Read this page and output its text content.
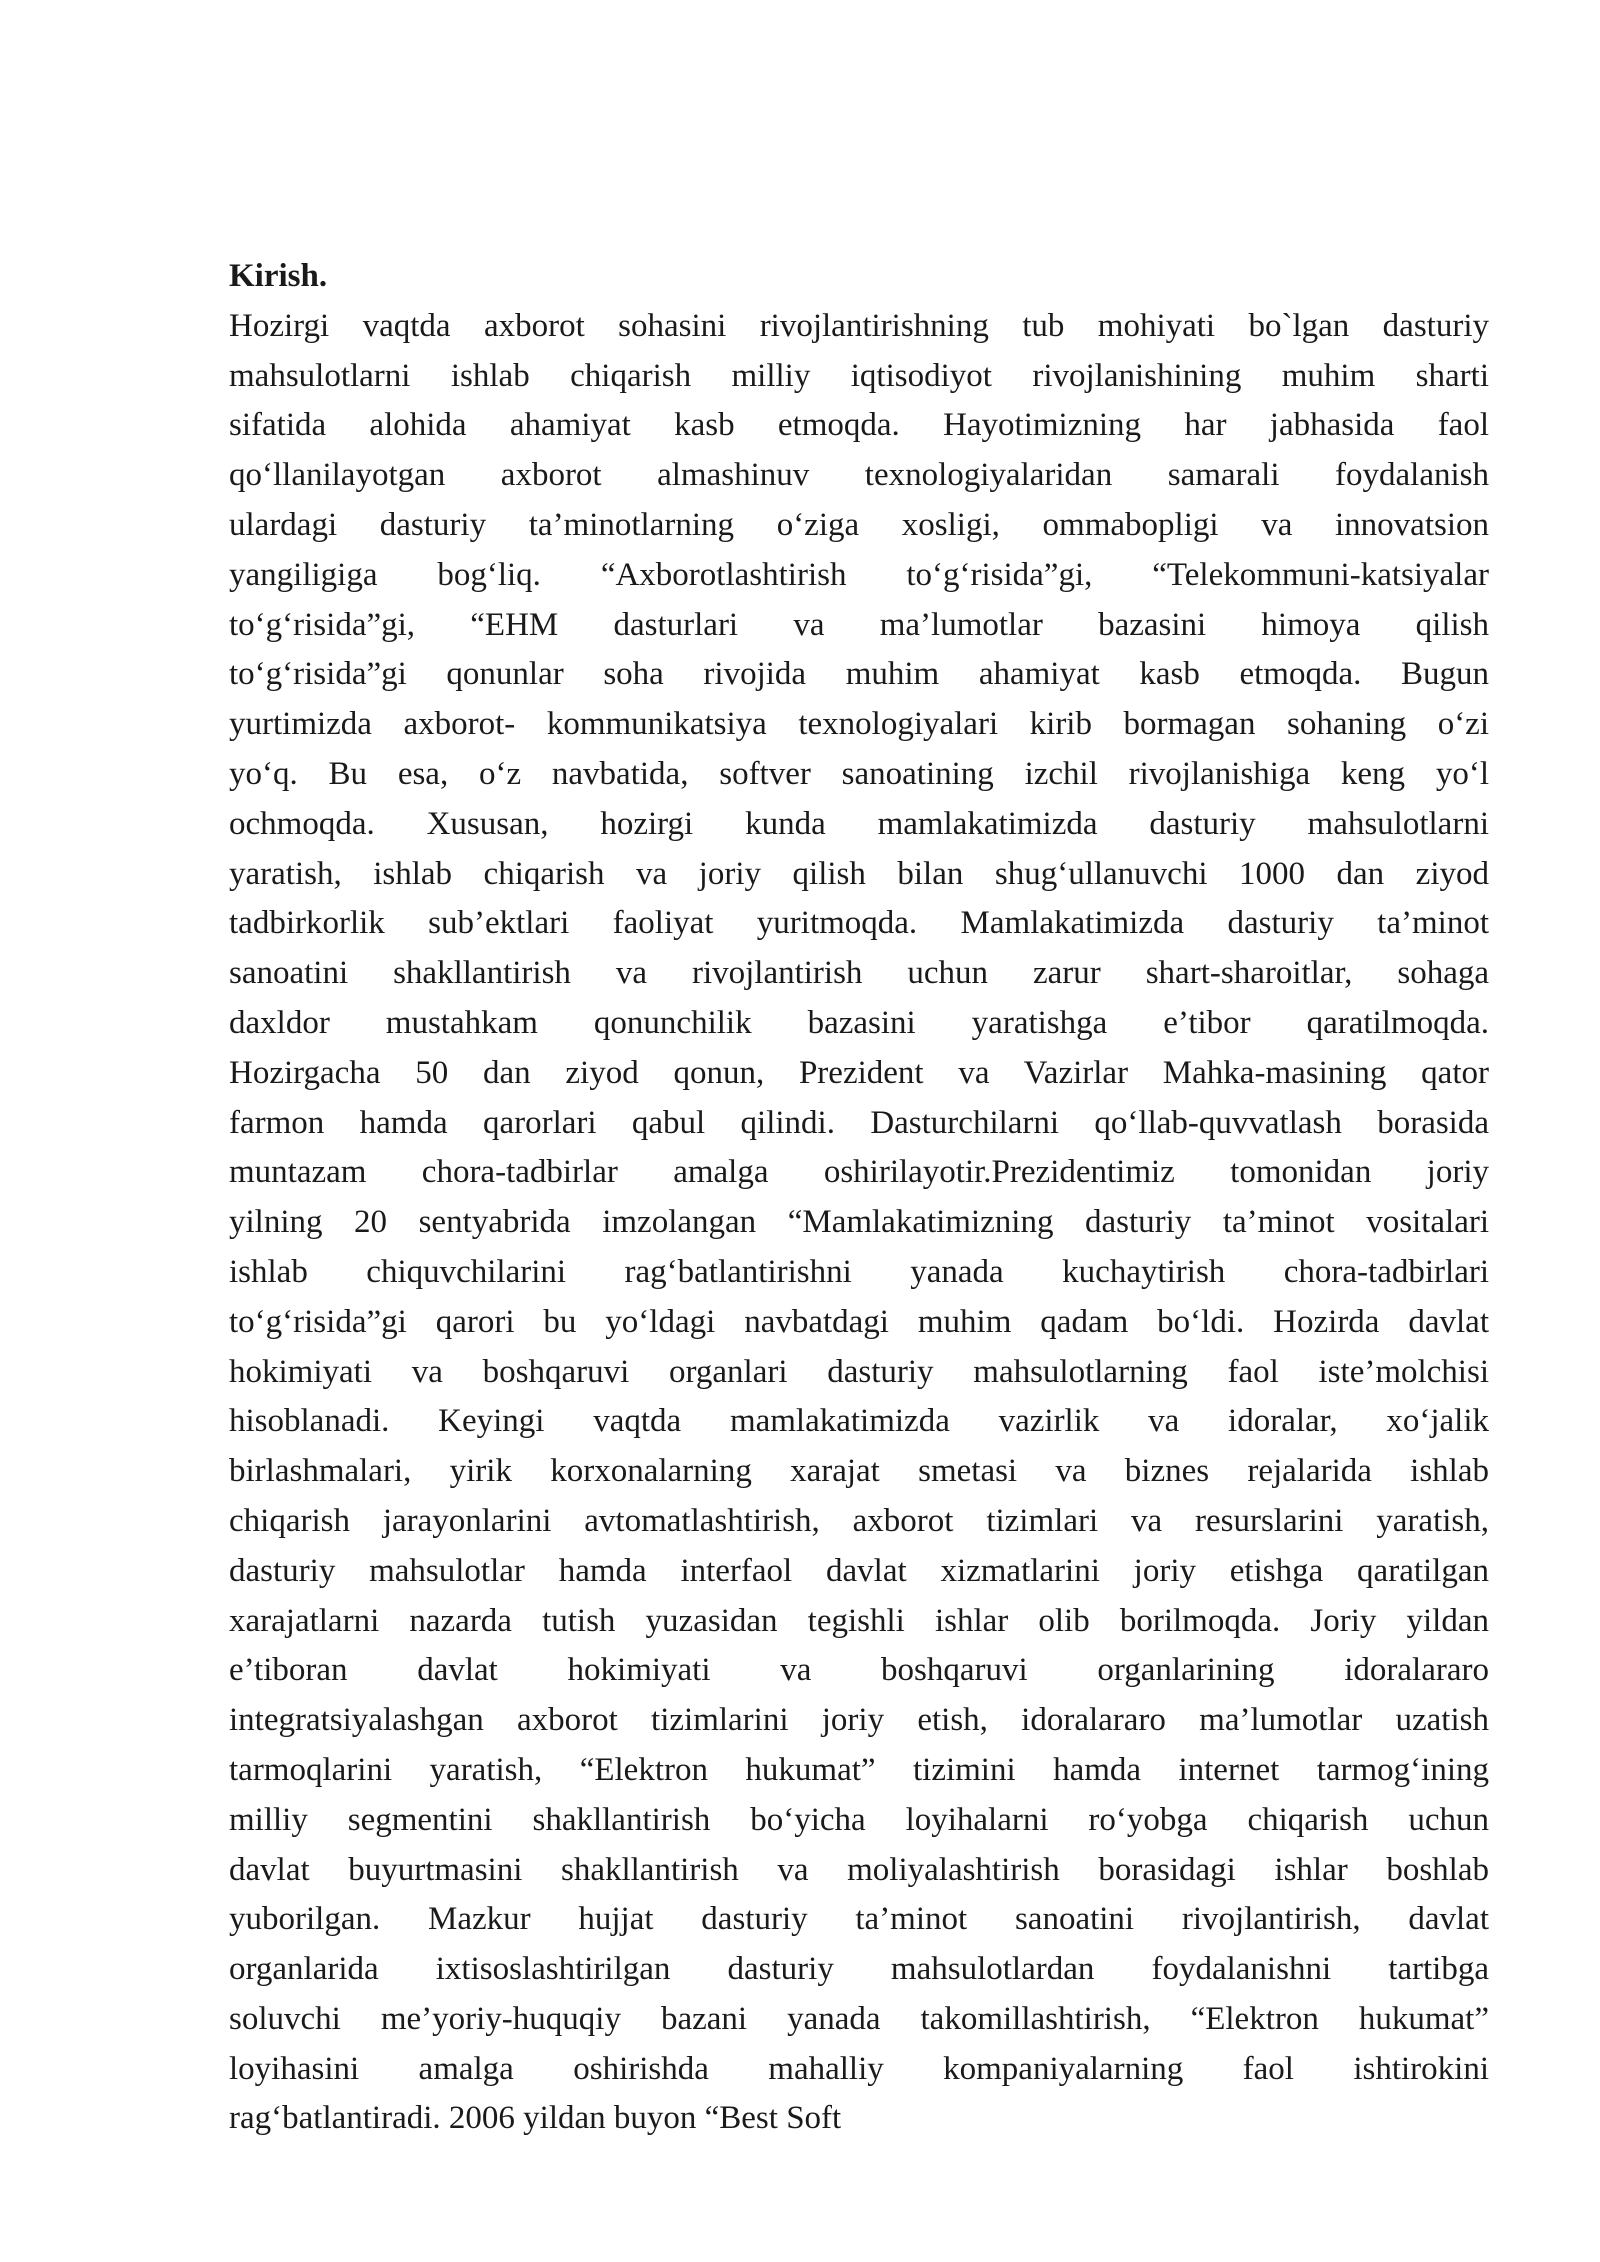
Kirish.

Hozirgi vaqtda axborot sohasini rivojlantirishning tub mohiyati bo`lgan dasturiy

mahsulotlarni ishlab chiqarish milliy iqtisodiyot rivojlanishining muhim sharti

sifatida alohida ahamiyat kasb etmoqda. Hayotimizning har jabhasida faol

qo‘llanilayotgan axborot almashinuv texnologiyalaridan samarali foydalanish

ulardagi dasturiy ta’minotlarning o‘ziga xosligi, ommabopligi va innovatsion

yangiligiga bog‘liq. “Axborotlashtirish to‘g‘risida”gi, “Telekommuni-katsiyalar

to‘g‘risida”gi, “EHM dasturlari va ma’lumotlar bazasini himoya qilish

to‘g‘risida”gi qonunlar soha rivojida muhim ahamiyat kasb etmoqda. Bugun

yurtimizda axborot- kommunikatsiya texnologiyalari kirib bormagan sohaning o‘zi

yo‘q. Bu esa, o‘z navbatida, softver sanoatining izchil rivojlanishiga keng yo‘l

ochmoqda. Xususan, hozirgi kunda mamlakatimizda dasturiy mahsulotlarni

yaratish, ishlab chiqarish va joriy qilish bilan shug‘ullanuvchi 1000 dan ziyod

tadbirkorlik sub’ektlari faoliyat yuritmoqda. Mamlakatimizda dasturiy ta’minot

sanoatini shakllantirish va rivojlantirish uchun zarur shart-sharoitlar, sohaga

daxldor mustahkam qonunchilik bazasini yaratishga e’tibor qaratilmoqda.

Hozirgacha 50 dan ziyod qonun, Prezident va Vazirlar Mahka-masining qator

farmon hamda qarorlari qabul qilindi. Dasturchilarni qo‘llab-quvvatlash borasida

muntazam chora-tadbirlar amalga oshirilayotir.Prezidentimiz tomonidan joriy

yilning 20 sentyabrida imzolangan “Mamlakatimizning dasturiy ta’minot vositalari

ishlab chiquvchilarini rag‘batlantirishni yanada kuchaytirish chora-tadbirlari

to‘g‘risida”gi qarori bu yo‘ldagi navbatdagi muhim qadam bo‘ldi. Hozirda davlat

hokimiyati va boshqaruvi organlari dasturiy mahsulotlarning faol iste’molchisi

hisoblanadi. Keyingi vaqtda mamlakatimizda vazirlik va idoralar, xo‘jalik

birlashmalari, yirik korxonalarning xarajat smetasi va biznes rejalarida ishlab

chiqarish jarayonlarini avtomatlashtirish, axborot tizimlari va resurslarini yaratish,

dasturiy mahsulotlar hamda interfaol davlat xizmatlarini joriy etishga qaratilgan

xarajatlarni nazarda tutish yuzasidan tegishli ishlar olib borilmoqda. Joriy yildan

e’tiboran davlat hokimiyati va boshqaruvi organlarining idoralararo

integratsiyalashgan axborot tizimlarini joriy etish, idoralararo ma’lumotlar uzatish

tarmoqlarini yaratish, “Elektron hukumat” tizimini hamda internet tarmog‘ining

milliy segmentini shakllantirish bo‘yicha loyihalarni ro‘yobga chiqarish uchun

davlat buyurtmasini shakllantirish va moliyalashtirish borasidagi ishlar boshlab

yuborilgan. Mazkur hujjat dasturiy ta’minot sanoatini rivojlantirish, davlat

organlarida ixtisoslashtirilgan dasturiy mahsulotlardan foydalanishni tartibga

soluvchi me’yoriy-huquqiy bazani yanada takomillashtirish, “Elektron hukumat”

loyihasini amalga oshirishda mahalliy kompaniyalarning faol ishtirokini

rag‘batlantiradi. 2006 yildan buyon “Best Soft
